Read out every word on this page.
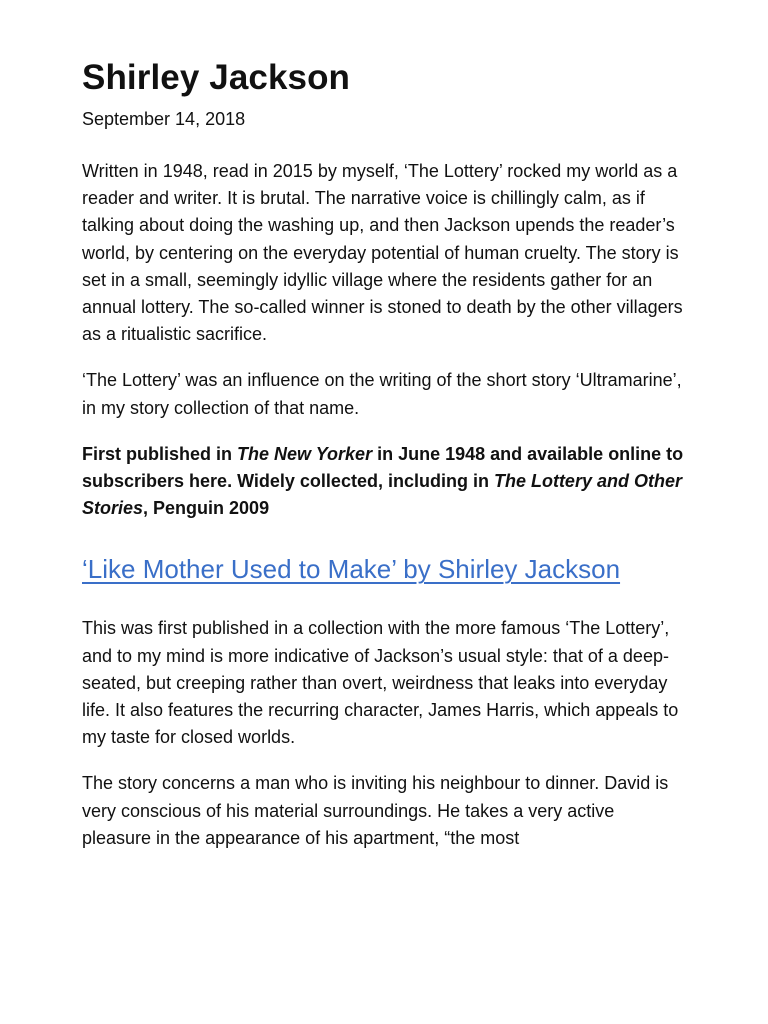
Shirley Jackson

September 14, 2018

Written in 1948, read in 2015 by myself, ‘The Lottery’ rocked my world as a reader and writer. It is brutal. The narrative voice is chillingly calm, as if talking about doing the washing up, and then Jackson upends the reader’s world, by centering on the everyday potential of human cruelty. The story is set in a small, seemingly idyllic village where the residents gather for an annual lottery. The so-called winner is stoned to death by the other villagers as a ritualistic sacrifice.

‘The Lottery’ was an influence on the writing of the short story ‘Ultramarine’, in my story collection of that name.

First published in The New Yorker in June 1948 and available online to subscribers here. Widely collected, including in The Lottery and Other Stories, Penguin 2009

‘Like Mother Used to Make’ by Shirley Jackson

This was first published in a collection with the more famous ‘The Lottery’, and to my mind is more indicative of Jackson’s usual style: that of a deep-seated, but creeping rather than overt, weirdness that leaks into everyday life. It also features the recurring character, James Harris, which appeals to my taste for closed worlds.

The story concerns a man who is inviting his neighbour to dinner. David is very conscious of his material surroundings. He takes a very active pleasure in the appearance of his apartment, “the most
